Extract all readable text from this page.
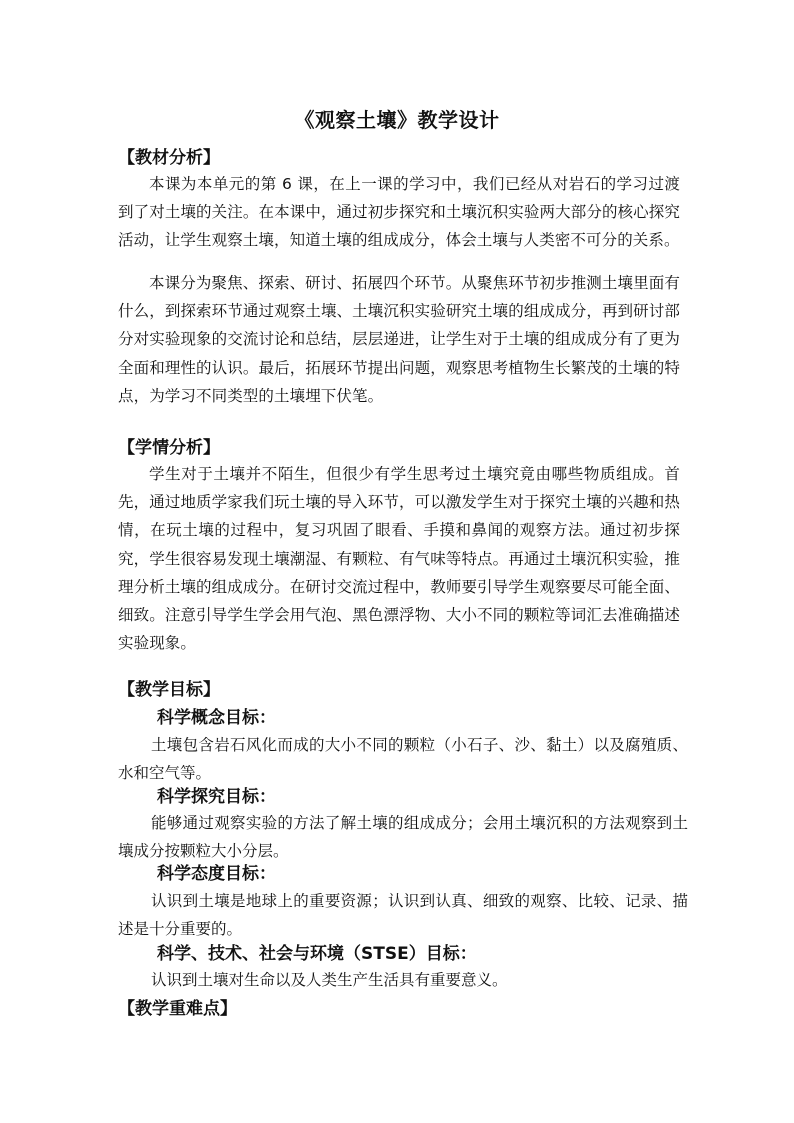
《观察土壤》教学设计
【教材分析】
本课为本单元的第 6 课，在上一课的学习中，我们已经从对岩石的学习过渡到了对土壤的关注。在本课中，通过初步探究和土壤沉积实验两大部分的核心探究活动，让学生观察土壤，知道土壤的组成成分，体会土壤与人类密不可分的关系。
本课分为聚焦、探索、研讨、拓展四个环节。从聚焦环节初步推测土壤里面有什么，到探索环节通过观察土壤、土壤沉积实验研究土壤的组成成分，再到研讨部分对实验现象的交流讨论和总结，层层递进，让学生对于土壤的组成成分有了更为全面和理性的认识。最后，拓展环节提出问题，观察思考植物生长繁茂的土壤的特点，为学习不同类型的土壤埋下伏笔。
【学情分析】
学生对于土壤并不陌生，但很少有学生思考过土壤究竟由哪些物质组成。首先，通过地质学家我们玩土壤的导入环节，可以激发学生对于探究土壤的兴趣和热情，在玩土壤的过程中，复习巩固了眼看、手摸和鼻闻的观察方法。通过初步探究，学生很容易发现土壤潮湿、有颗粒、有气味等特点。再通过土壤沉积实验，推理分析土壤的组成成分。在研讨交流过程中，教师要引导学生观察要尽可能全面、细致。注意引导学生学会用气泡、黑色漂浮物、大小不同的颗粒等词汇去准确描述实验现象。
【教学目标】
科学概念目标：
土壤包含岩石风化而成的大小不同的颗粒（小石子、沙、黏土）以及腐殖质、水和空气等。
科学探究目标：
能够通过观察实验的方法了解土壤的组成成分；会用土壤沉积的方法观察到土壤成分按颗粒大小分层。
科学态度目标：
认识到土壤是地球上的重要资源；认识到认真、细致的观察、比较、记录、描述是十分重要的。
科学、技术、社会与环境（STSE）目标：
认识到土壤对生命以及人类生产生活具有重要意义。
【教学重难点】
